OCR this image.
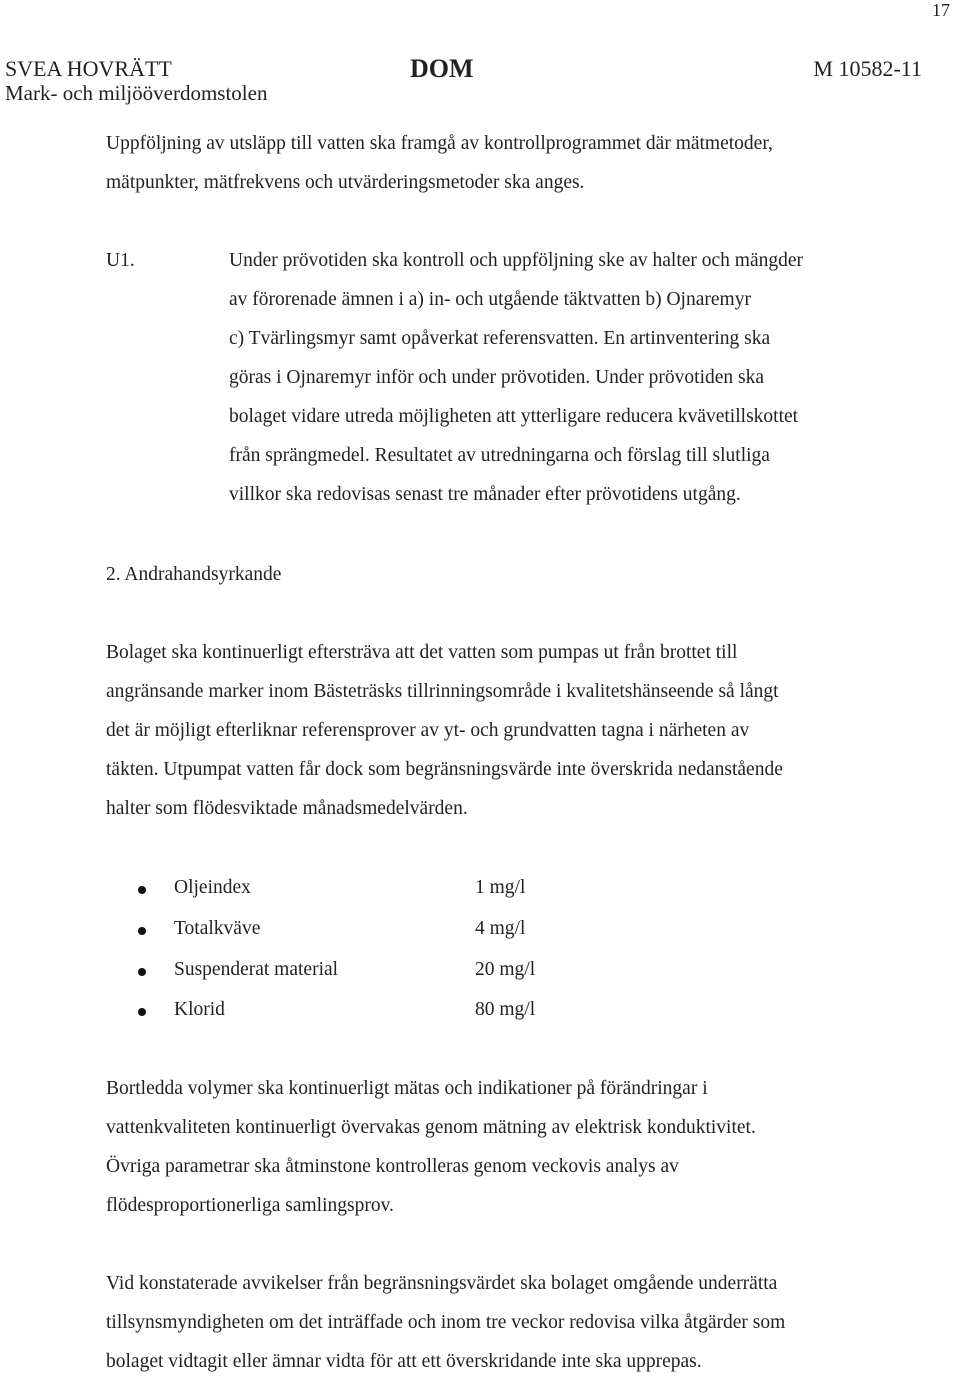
17
SVEA HOVRÄTT
Mark- och miljööverdomstolen
DOM	M 10582-11
Uppföljning av utsläpp till vatten ska framgå av kontrollprogrammet där mätmetoder,
mätpunkter, mätfrekvens och utvärderingsmetoder ska anges.
U1.	Under prövotiden ska kontroll och uppföljning ske av halter och mängder
av förorenade ämnen i a) in- och utgående täktvatten b) Ojnaremyr
c) Tvärlingsmyr samt opåverkat referensvatten. En artinventering ska
göras i Ojnaremyr inför och under prövotiden. Under prövotiden ska
bolaget vidare utreda möjligheten att ytterligare reducera kvävetillskottet
från sprängmedel. Resultatet av utredningarna och förslag till slutliga
villkor ska redovisas senast tre månader efter prövotidens utgång.
2. Andrahandsyrkande
Bolaget ska kontinuerligt eftersträva att det vatten som pumpas ut från brottet till
angränsande marker inom Bästeträsks tillrinningsområde i kvalitetshänseende så långt
det är möjligt efterliknar referensprover av yt- och grundvatten tagna i närheten av
täkten. Utpumpat vatten får dock som begränsningsvärde inte överskrida nedanstående
halter som flödesviktade månadsmedelvärden.
Oljeindex	1 mg/l
Totalkväve	4 mg/l
Suspenderat material	20 mg/l
Klorid	80 mg/l
Bortledda volymer ska kontinuerligt mätas och indikationer på förändringar i
vattenkvaliteten kontinuerligt övervakas genom mätning av elektrisk konduktivitet.
Övriga parametrar ska åtminstone kontrolleras genom veckovis analys av
flödesproportionerliga samlingsprov.
Vid konstaterade avvikelser från begränsningsvärdet ska bolaget omgående underrätta
tillsynsmyndigheten om det inträffade och inom tre veckor redovisa vilka åtgärder som
bolaget vidtagit eller ämnar vidta för att ett överskridande inte ska upprepas.
